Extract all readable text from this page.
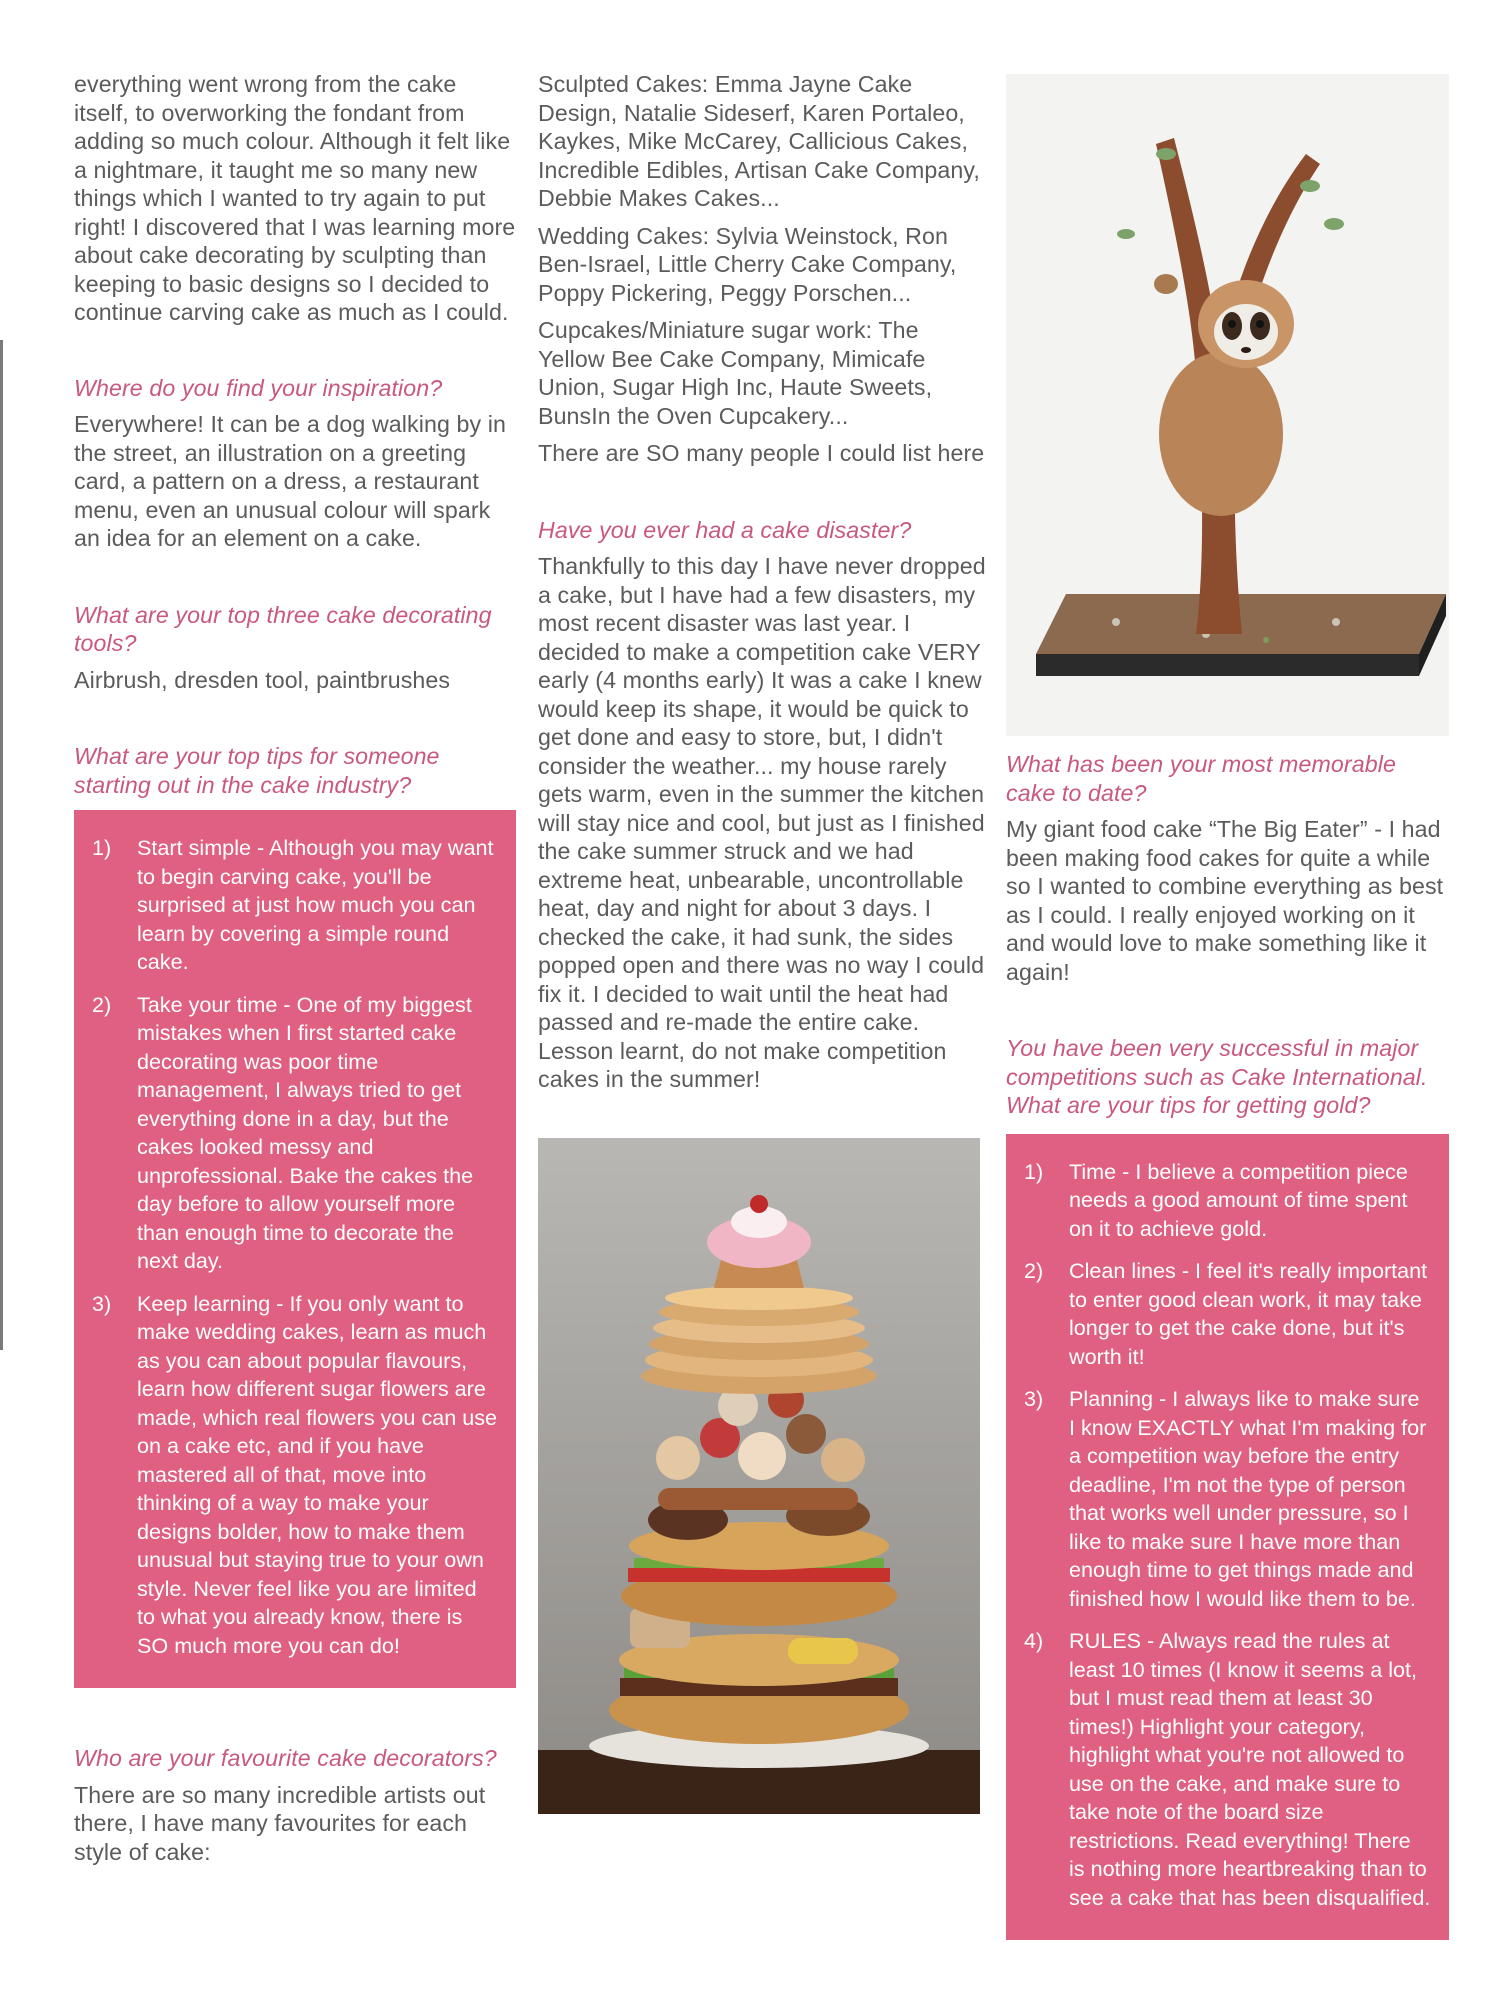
everything went wrong from the cake itself, to overworking the fondant from adding so much colour. Although it felt like a nightmare, it taught me so many new things which I wanted to try again to put right! I discovered that I was learning more about cake decorating by sculpting than keeping to basic designs so I decided to continue carving cake as much as I could.

Where do you find your inspiration?

Everywhere! It can be a dog walking by in the street, an illustration on a greeting card, a pattern on a dress, a restaurant menu, even an unusual colour will spark an idea for an element on a cake.

What are your top three cake decorating tools?

Airbrush, dresden tool, paintbrushes

What are your top tips for someone starting out in the cake industry?

1) Start simple - Although you may want to begin carving cake, you'll be surprised at just how much you can learn by covering a simple round cake.
2) Take your time - One of my biggest mistakes when I first started cake decorating was poor time management, I always tried to get everything done in a day, but the cakes looked messy and unprofessional. Bake the cakes the day before to allow yourself more than enough time to decorate the next day.
3) Keep learning - If you only want to make wedding cakes, learn as much as you can about popular flavours, learn how different sugar flowers are made, which real flowers you can use on a cake etc, and if you have mastered all of that, move into thinking of a way to make your designs bolder, how to make them unusual but staying true to your own style. Never feel like you are limited to what you already know, there is SO much more you can do!

Who are your favourite cake decorators?

There are so many incredible artists out there, I have many favourites for each style of cake:

Sculpted Cakes: Emma Jayne Cake Design, Natalie Sideserf, Karen Portaleo, Kaykes, Mike McCarey, Callicious Cakes, Incredible Edibles, Artisan Cake Company, Debbie Makes Cakes...

Wedding Cakes: Sylvia Weinstock, Ron Ben-Israel, Little Cherry Cake Company, Poppy Pickering, Peggy Porschen...

Cupcakes/Miniature sugar work: The Yellow Bee Cake Company, Mimicafe Union, Sugar High Inc, Haute Sweets, BunsIn the Oven Cupcakery...

There are SO many people I could list here

Have you ever had a cake disaster?

Thankfully to this day I have never dropped a cake, but I have had a few disasters, my most recent disaster was last year. I decided to make a competition cake VERY early (4 months early) It was a cake I knew would keep its shape, it would be quick to get done and easy to store, but, I didn't consider the weather... my house rarely gets warm, even in the summer the kitchen will stay nice and cool, but just as I finished the cake summer struck and we had extreme heat, unbearable, uncontrollable heat, day and night for about 3 days. I checked the cake, it had sunk, the sides popped open and there was no way I could fix it. I decided to wait until the heat had passed and re-made the entire cake. Lesson learnt, do not make competition cakes in the summer!

What has been your most memorable cake to date?

My giant food cake “The Big Eater” - I had been making food cakes for quite a while so I wanted to combine everything as best as I could. I really enjoyed working on it and would love to make something like it again!

You have been very successful in major competitions such as Cake International. What are your tips for getting gold?

1) Time - I believe a competition piece needs a good amount of time spent on it to achieve gold.
2) Clean lines - I feel it's really important to enter good clean work, it may take longer to get the cake done, but it's worth it!
3) Planning - I always like to make sure I know EXACTLY what I'm making for a competition way before the entry deadline, I'm not the type of person that works well under pressure, so I like to make sure I have more than enough time to get things made and finished how I would like them to be.
4) RULES - Always read the rules at least 10 times (I know it seems a lot, but I must read them at least 30 times!) Highlight your category, highlight what you're not allowed to use on the cake, and make sure to take note of the board size restrictions. Read everything! There is nothing more heartbreaking than to see a cake that has been disqualified.
